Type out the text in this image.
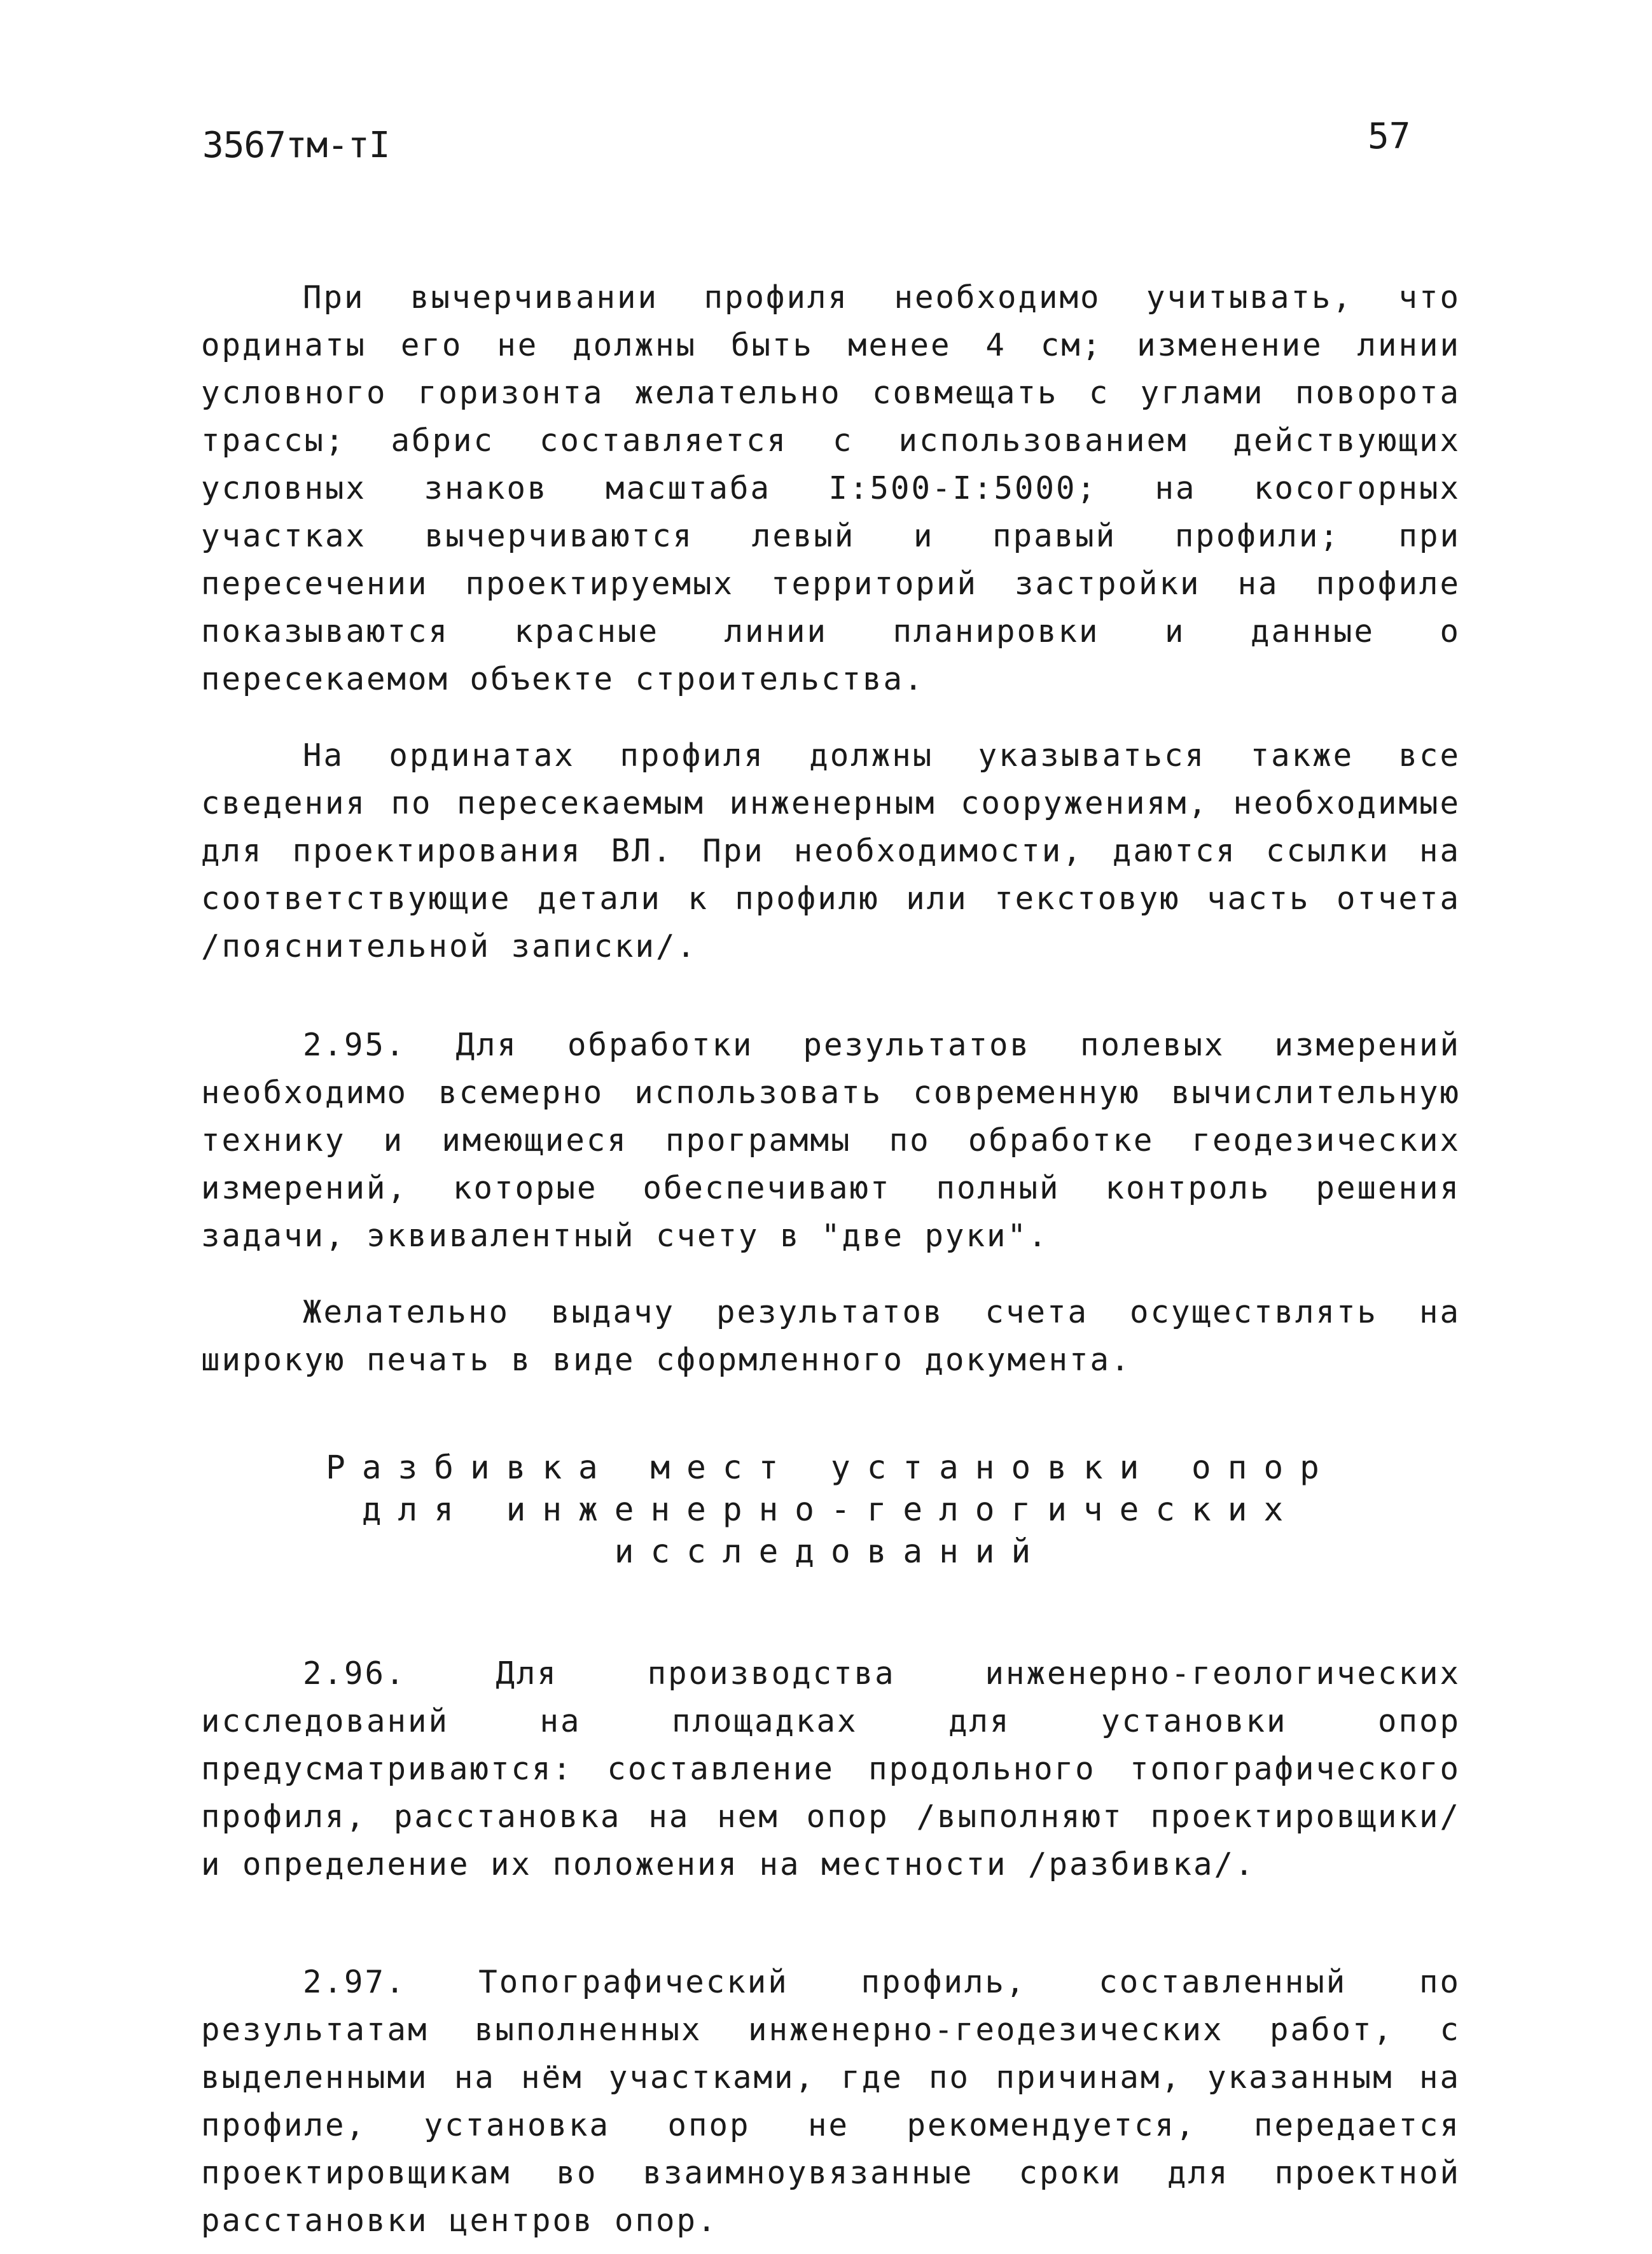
3567тм-тI	57

При вычерчивании профиля необходимо учитывать, что ординаты его не должны быть менее 4 см; изменение линии условного горизонта желательно совмещать с углами поворота трассы; абрис составляется с использованием действующих условных знаков масштаба I:500-I:5000; на косогорных участках вычерчиваются левый и правый профили; при пересечении проектируемых территорий застройки на профиле показываются красные линии планировки и данные о пересекаемом объекте строительства.

На ординатах профиля должны указываться также все сведения по пересекаемым инженерным сооружениям, необходимые для проектирования ВЛ. При необходимости, даются ссылки на соответствующие детали к профилю или текстовую часть отчета /пояснительной записки/.

2.95. Для обработки результатов полевых измерений необходимо всемерно использовать современную вычислительную технику и имеющиеся программы по обработке геодезических измерений, которые обеспечивают полный контроль решения задачи, эквивалентный счету в "две руки".

Желательно выдачу результатов счета осуществлять на широкую печать в виде сформленного документа.

Разбивка мест установки опор
для инженерно-гелогических
исследований

2.96. Для производства инженерно-геологических исследований на площадках для установки опор предусматриваются: составление продольного топографического профиля, расстановка на нем опор /выполняют проектировщики/ и определение их положения на местности /разбивка/.

2.97. Топографический профиль, составленный по результатам выполненных инженерно-геодезических работ, с выделенными на нём участками, где по причинам, указанным на профиле, установка опор не рекомендуется, передается проектировщикам во взаимноувязанные сроки для проектной расстановки центров опор.
